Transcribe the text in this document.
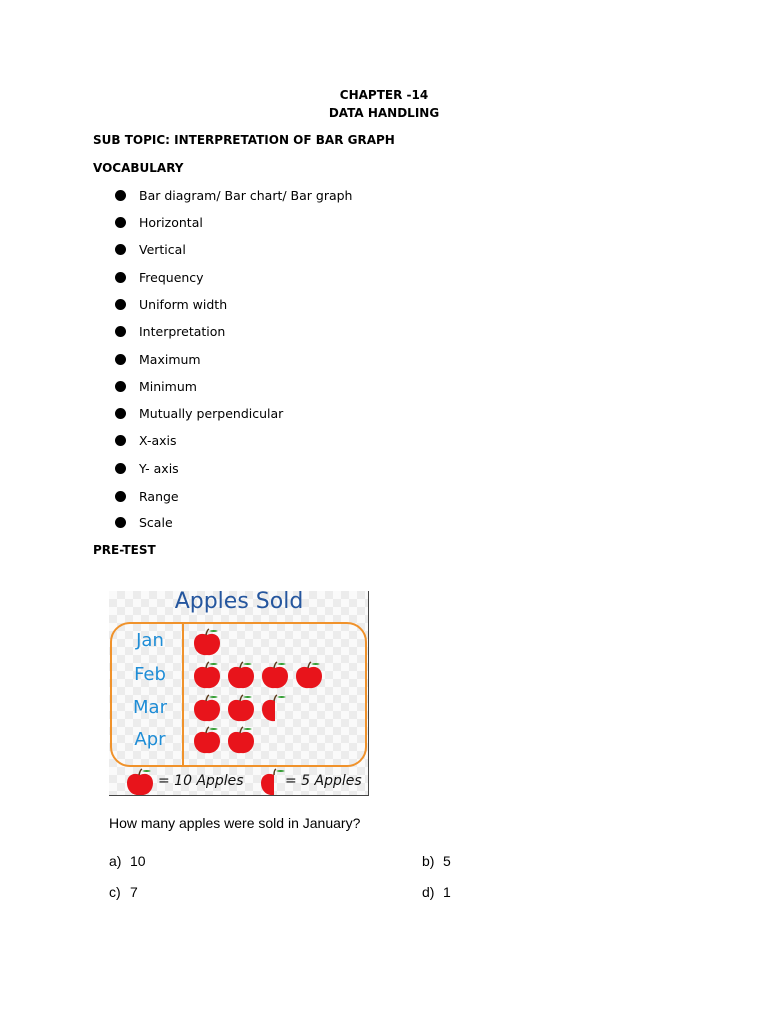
CHAPTER -14
DATA HANDLING
SUB TOPIC: INTERPRETATION OF BAR GRAPH
VOCABULARY
Bar diagram/ Bar chart/ Bar graph
Horizontal
Vertical
Frequency
Uniform width
Interpretation
Maximum
Minimum
Mutually perpendicular
X-axis
Y- axis
Range
Scale
PRE-TEST
Apples Sold
Jan
Feb
Mar
Apr
= 10 Apples	= 5 Apples
How many apples were sold in January?
a) 10	b) 5
c) 7	d) 1
